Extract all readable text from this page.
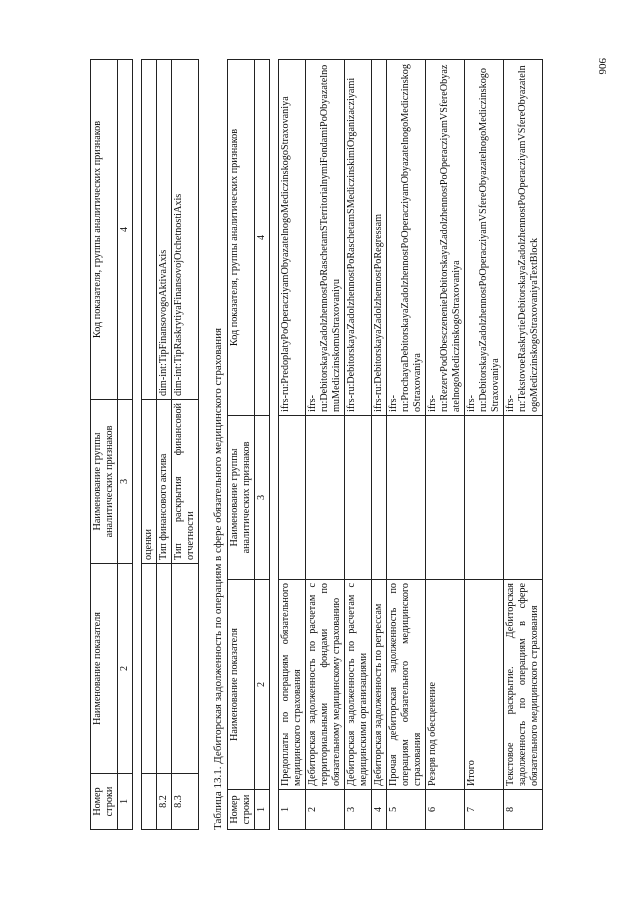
906
Номер строки	Наименование показателя	Наименование группы аналитических признаков	Код показателя, группы аналитических признаков
1	2	3	4

		оценки	
8.2		Тип финансового актива	dim-int:TipFinansovogoAktivaAxis
8.3		Тип раскрытия финансовой отчетности	dim-int:TipRaskrytiyaFinansovojOtchetnostiAxis
Таблица 13.1. Дебиторская задолженность по операциям в сфере обязательного медицинского страхования Номер строки	Наименование показателя	Наименование группы аналитических признаков	Код показателя, группы аналитических признаков
1	2	3	4

1	Предоплаты по операциям обязательного медицинского страхования		ifrs-ru:PredoplatyPoOperacziyamObyazatelnogoMediczinskogoStraxovaniya
2	Дебиторская задолженность по расчетам с территориальными фондами по обязательному медицинскому страхованию		ifrs-ru:DebitorskayaZadolzhennostPoRaschetamSTerritorialnymiFondamiPoObyazatelnomuMediczinskomuStraxovaniyu
3	Дебиторская задолженность по расчетам с медицинскими организациями		ifrs-ru:DebitorskayaZadolzhennostPoRaschetamSMediczinskimiOrganizacziyami
4	Дебиторская задолженность по регрессам		ifrs-ru:DebitorskayaZadolzhennostPoRegressam
5	Прочая дебиторская задолженность по операциям обязательного медицинского страхования		ifrs-ru:ProchayaDebitorskayaZadolzhennostPoOperacziyamObyazatelnogoMediczinskogoStraxovaniya
6	Резерв под обесценение		ifrs-ru:RezervPodObesczenenieDebitorskayaZadolzhennostPoOperacziyamVSfereObyazatelnogoMediczinskogoStraxovaniya
7	Итого		ifrs-ru:DebitorskayaZadolzhennostPoOperacziyamVSfereObyazatelnogoMediczinskogoStraxovaniya
8	Текстовое раскрытие. Дебиторская задолженность по операциям в сфере обязательного медицинского страхования		ifrs-ru:TekstovoeRaskrytieDebitorskayaZadolzhennostPoOperacziyamVSfereObyazatelnogoMediczinskogoStraxovaniyaTextBlock
